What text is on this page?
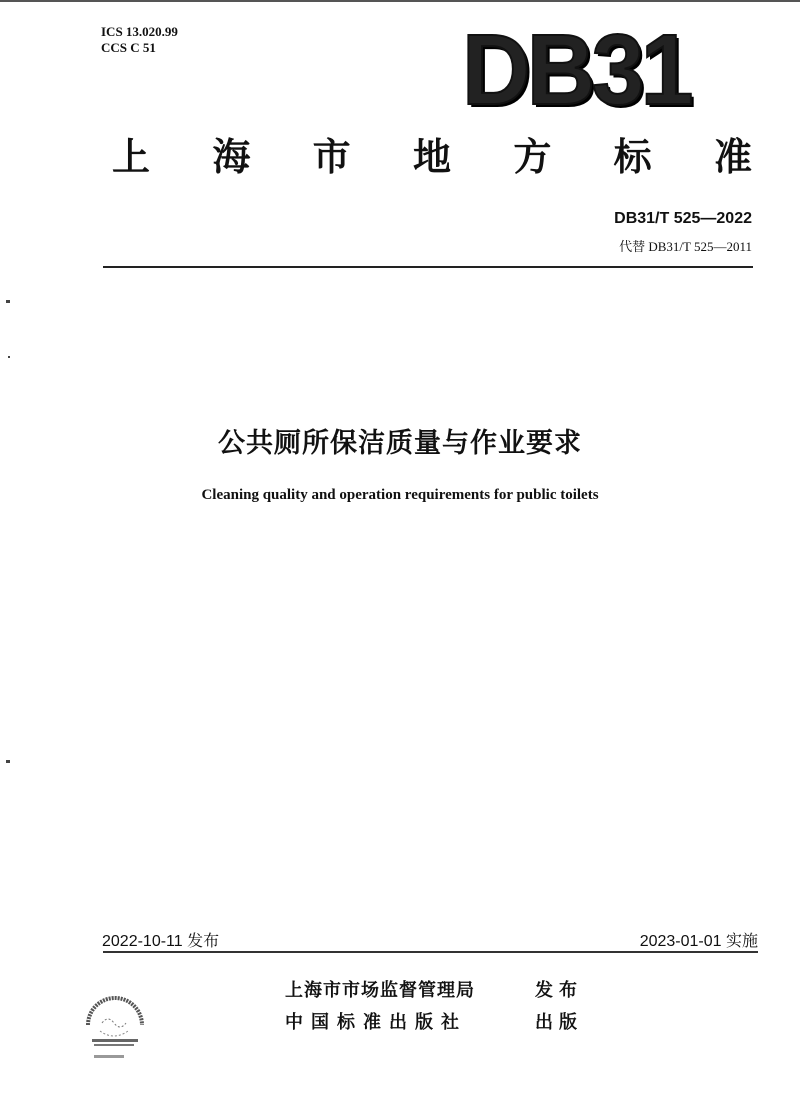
ICS 13.020.99
CCS C 51	DB31
上 海 市 地 方 标 准
DB31/T 525—2022
代替 DB31/T 525—2011
公共厕所保洁质量与作业要求
Cleaning quality and operation requirements for public toilets
2022-10-11 发布	2023-01-01 实施
上海市市场监督管理局	发布
中国标准出版社	出版
